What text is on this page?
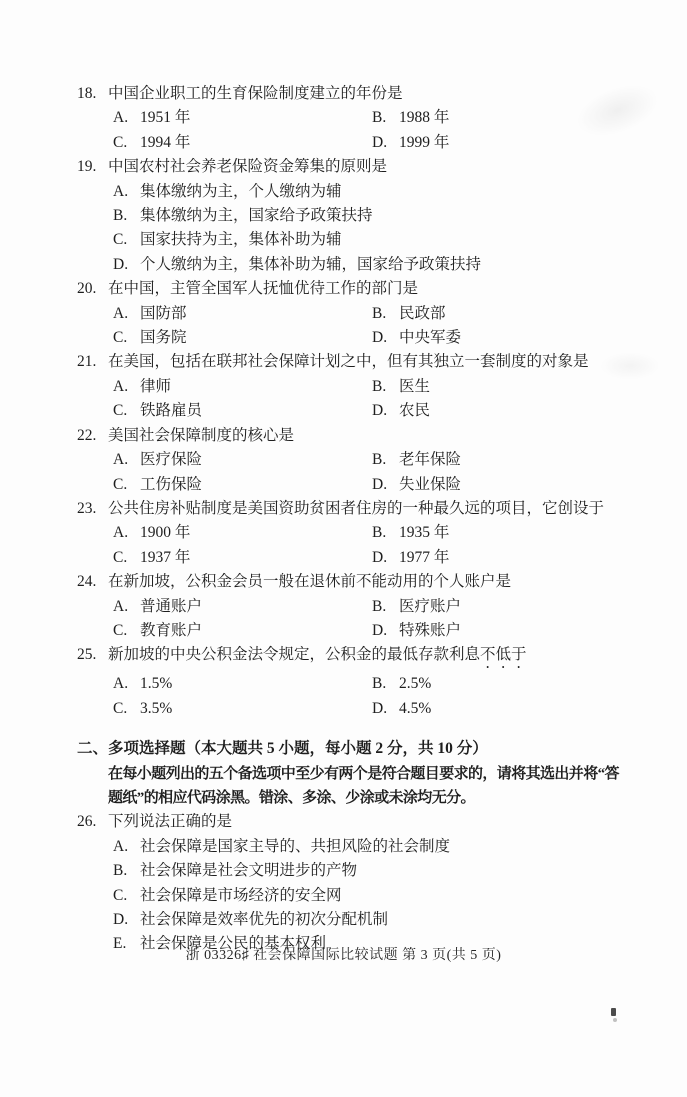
18. 中国企业职工的生育保险制度建立的年份是
A. 1951 年	B. 1988 年
C. 1994 年	D. 1999 年
19. 中国农村社会养老保险资金筹集的原则是
A. 集体缴纳为主，个人缴纳为辅
B. 集体缴纳为主，国家给予政策扶持
C. 国家扶持为主，集体补助为辅
D. 个人缴纳为主，集体补助为辅，国家给予政策扶持
20. 在中国，主管全国军人抚恤优待工作的部门是
A. 国防部	B. 民政部
C. 国务院	D. 中央军委
21. 在美国，包括在联邦社会保障计划之中，但有其独立一套制度的对象是
A. 律师	B. 医生
C. 铁路雇员	D. 农民
22. 美国社会保障制度的核心是
A. 医疗保险	B. 老年保险
C. 工伤保险	D. 失业保险
23. 公共住房补贴制度是美国资助贫困者住房的一种最久远的项目，它创设于
A. 1900 年	B. 1935 年
C. 1937 年	D. 1977 年
24. 在新加坡，公积金会员一般在退休前不能动用的个人账户是
A. 普通账户	B. 医疗账户
C. 教育账户	D. 特殊账户
25. 新加坡的中央公积金法令规定，公积金的最低存款利息不低于
A. 1.5%	B. 2.5%
C. 3.5%	D. 4.5%
二、多项选择题（本大题共 5 小题，每小题 2 分，共 10 分）
在每小题列出的五个备选项中至少有两个是符合题目要求的，请将其选出并将“答
题纸”的相应代码涂黑。错涂、多涂、少涂或未涂均无分。
26. 下列说法正确的是
A. 社会保障是国家主导的、共担风险的社会制度
B. 社会保障是社会文明进步的产物
C. 社会保障是市场经济的安全网
D. 社会保障是效率优先的初次分配机制
E. 社会保障是公民的基本权利
浙 03326♯ 社会保障国际比较试题 第 3 页(共 5 页)
